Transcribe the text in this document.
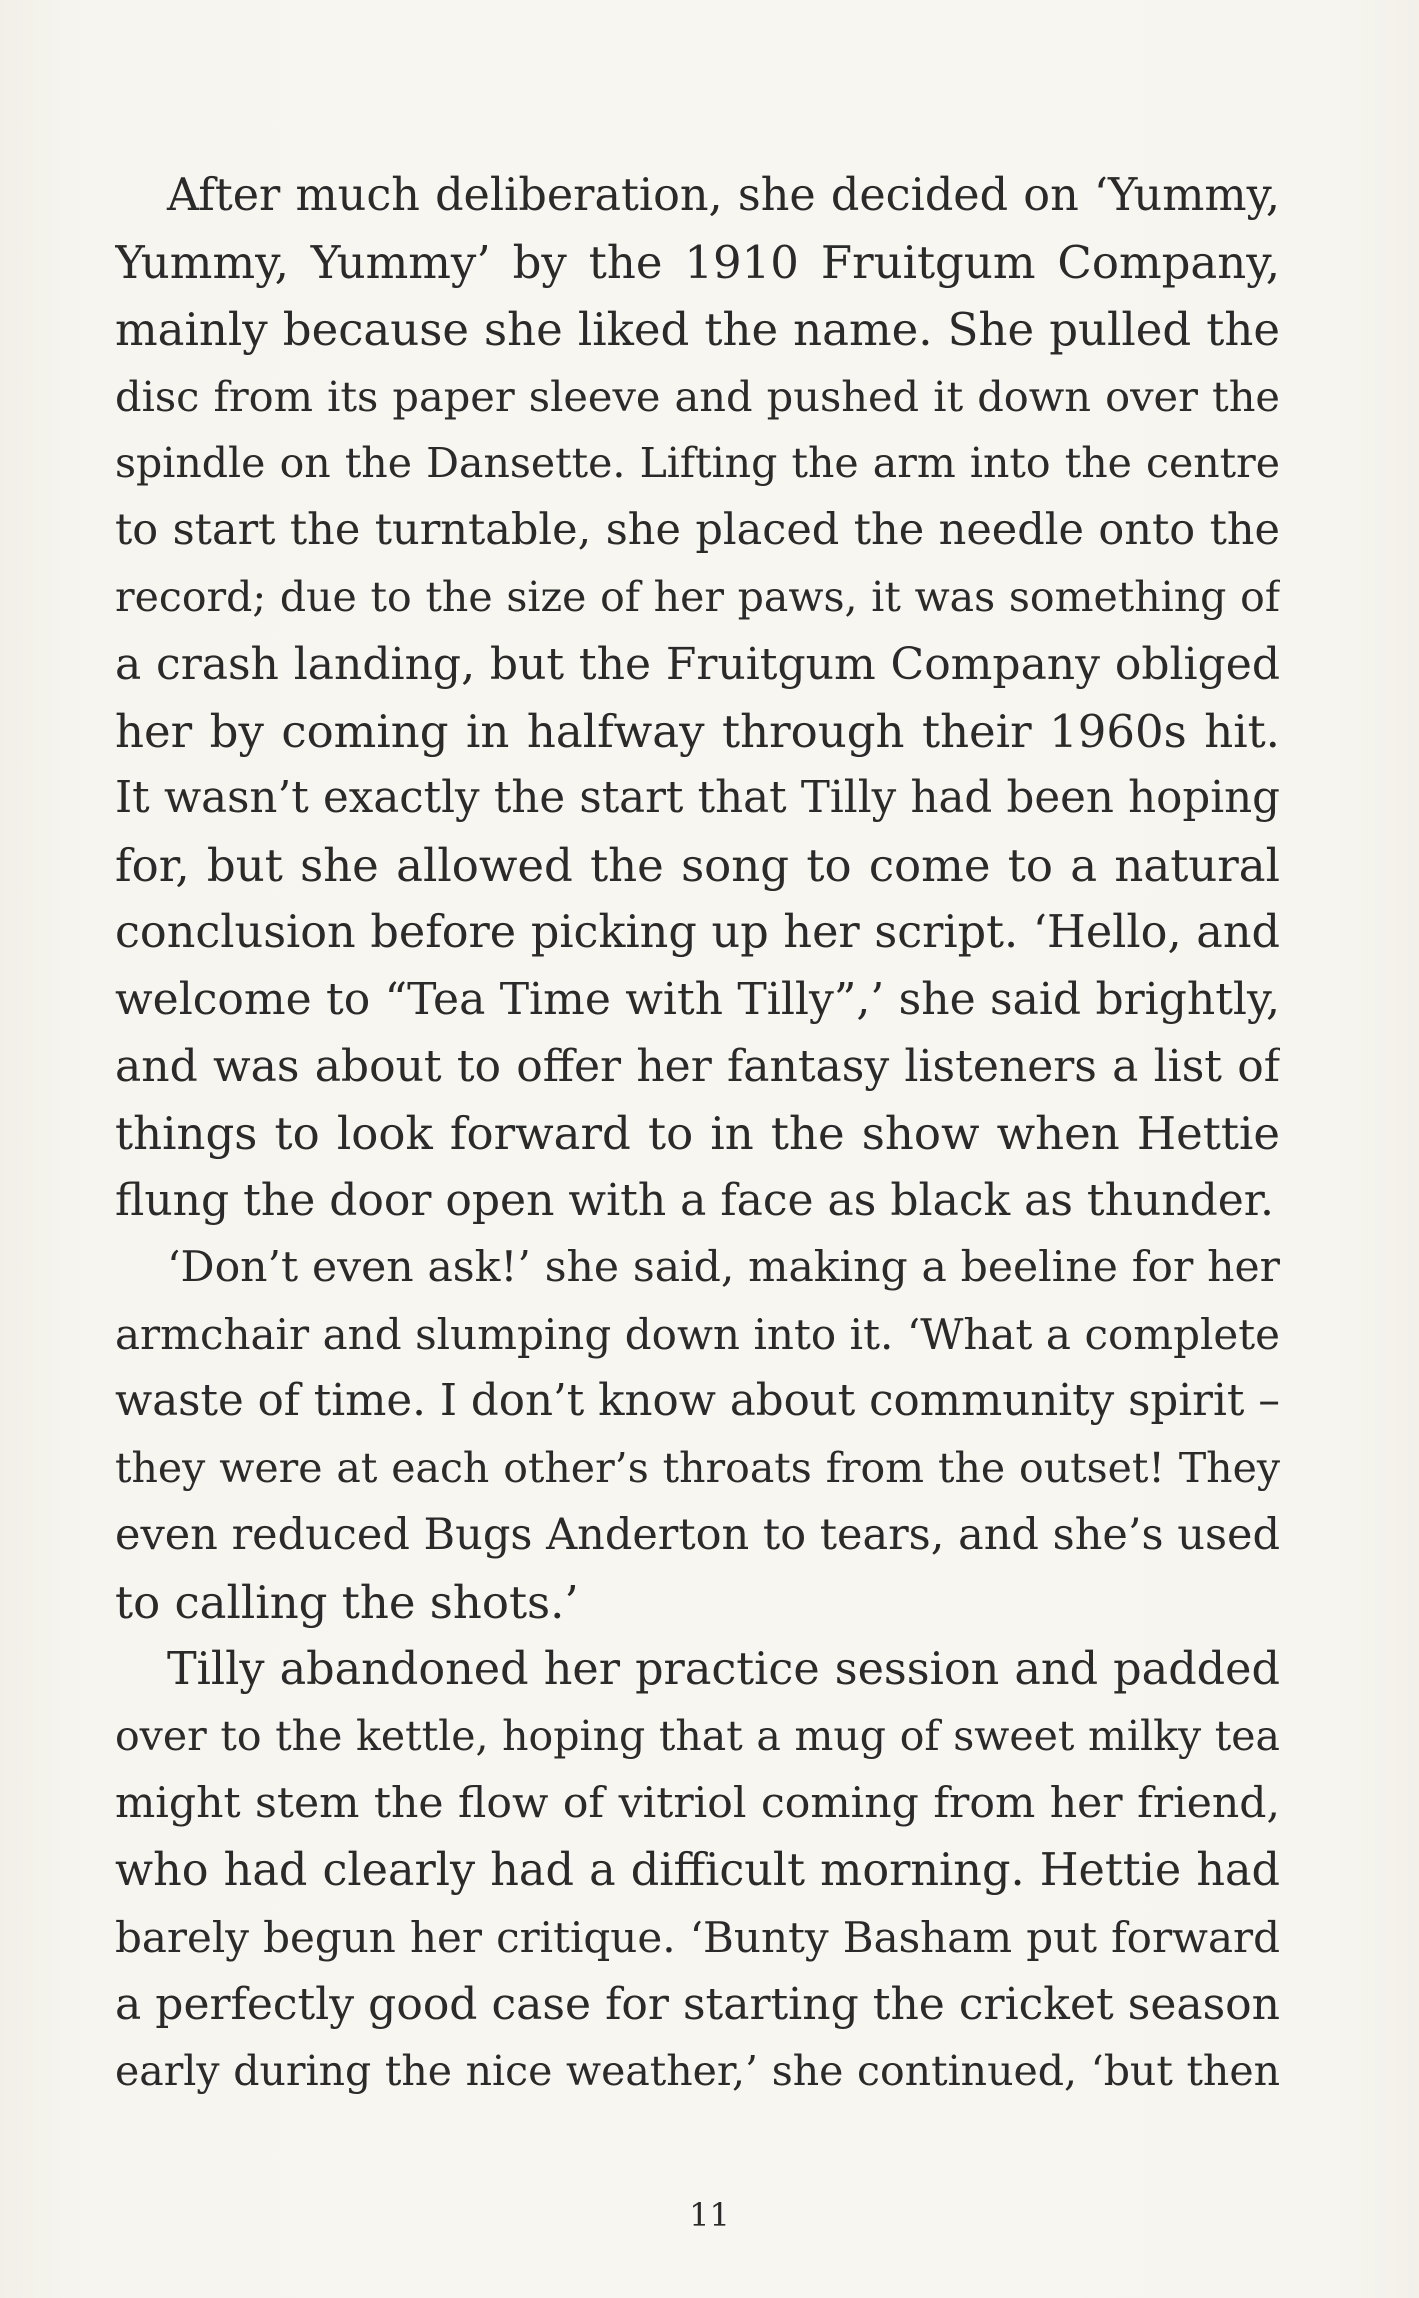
After much deliberation, she decided on ‘Yummy,
Yummy, Yummy’ by the 1910 Fruitgum Company,
mainly because she liked the name. She pulled the
disc from its paper sleeve and pushed it down over the
spindle on the Dansette. Lifting the arm into the centre
to start the turntable, she placed the needle onto the
record; due to the size of her paws, it was something of
a crash landing, but the Fruitgum Company obliged
her by coming in halfway through their 1960s hit.
It wasn’t exactly the start that Tilly had been hoping
for, but she allowed the song to come to a natural
conclusion before picking up her script. ‘Hello, and
welcome to “Tea Time with Tilly”,’ she said brightly,
and was about to offer her fantasy listeners a list of
things to look forward to in the show when Hettie
flung the door open with a face as black as thunder.
‘Don’t even ask!’ she said, making a beeline for her
armchair and slumping down into it. ‘What a complete
waste of time. I don’t know about community spirit –
they were at each other’s throats from the outset! They
even reduced Bugs Anderton to tears, and she’s used
to calling the shots.’
Tilly abandoned her practice session and padded
over to the kettle, hoping that a mug of sweet milky tea
might stem the flow of vitriol coming from her friend,
who had clearly had a difficult morning. Hettie had
barely begun her critique. ‘Bunty Basham put forward
a perfectly good case for starting the cricket season
early during the nice weather,’ she continued, ‘but then
11
